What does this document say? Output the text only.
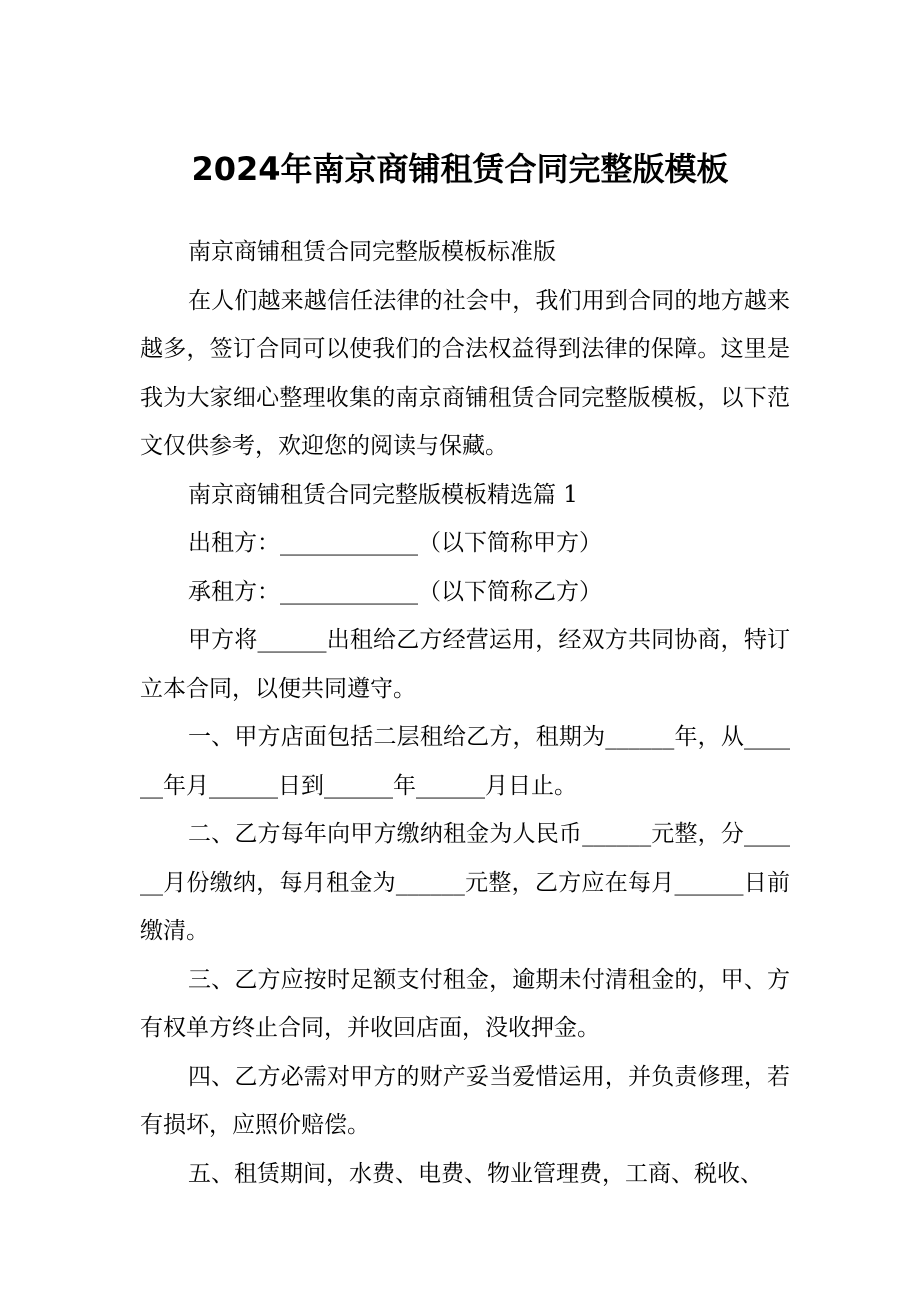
2024年南京商铺租赁合同完整版模板

南京商铺租赁合同完整版模板标准版

在人们越来越信任法律的社会中，我们用到合同的地方越来越多，签订合同可以使我们的合法权益得到法律的保障。这里是我为大家细心整理收集的南京商铺租赁合同完整版模板，以下范文仅供参考，欢迎您的阅读与保藏。

南京商铺租赁合同完整版模板精选篇 1

出租方：____________（以下简称甲方）

承租方：____________（以下简称乙方）

甲方将______出租给乙方经营运用，经双方共同协商，特订立本合同，以便共同遵守。

一、甲方店面包括二层租给乙方，租期为______年，从______年月______日到______年______月日止。

二、乙方每年向甲方缴纳租金为人民币______元整，分______月份缴纳，每月租金为______元整，乙方应在每月______日前缴清。

三、乙方应按时足额支付租金，逾期未付清租金的，甲、方有权单方终止合同，并收回店面，没收押金。

四、乙方必需对甲方的财产妥当爱惜运用，并负责修理，若有损坏，应照价赔偿。

五、租赁期间，水费、电费、物业管理费，工商、税收、
